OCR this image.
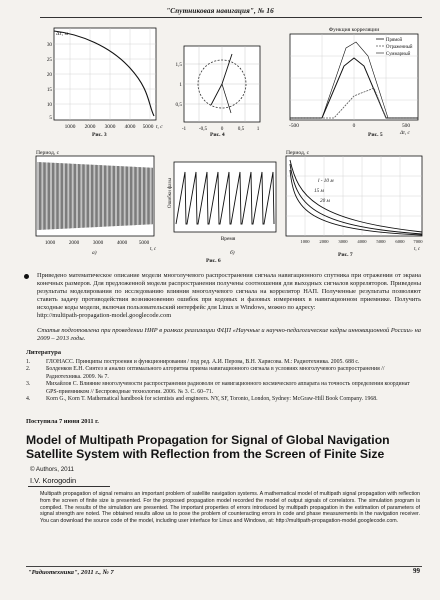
"Спутниковая навигация", № 16
Δτ, м
30
25
20
15
10
5
1000 2000 3000 4000 5000 t, с
Рис. 3
1,5
1
0,5
-1 -0,5	0	0,5 1
Рис. 4
Функция корреляции
Прямой
Отраженный
Суммарный
-500	0	500
Δτ, с
Рис. 5
Период, с
1000	2000	3000	4000 5000
t, с
а)
Ошибки фазы
Время
б)
Рис. 6
Период, с
l - 10 м
15 м
20 м
1000 2000 3000 4000 5000 6000 7000
t, с
Рис. 7

Приведено математическое описание модели многолучевого распространения сигнала навигационного спутника при отражении от экрана конечных размеров. Для предложенной модели распространения получены соотношения для выходных сигналов корреляторов. Приведены результаты моделирования по исследованию влияния многолучевого сигнала на коррелятор НАП. Полученные результаты позволяют ставить задачу противодействия возникновению ошибок при кодовых и фазовых измерениях в навигационном приемнике. Получить исходные коды модели, включая пользовательский интерфейс для Linux и Windows, можно по адресу:

http://multipath-propagation-model.googlecode.com
Статья подготовлена при проведении НИР в рамках реализации ФЦП «Научные и научно-педагогические кадры инновационной России» на 2009 – 2013 годы.
Литература
1.	ГЛОНАСС. Принципы построения и функционирования / под ред. А.И. Перова, В.Н. Харисова. М.: Радиотехника. 2005. 688 с.
2.	Болденков Е.Н. Синтез и анализ оптимального алгоритма приема навигационного сигнала в условиях многолучевого распространения // Радиотехника. 2009. № 7.
3.	Михайлов С. Влияние многолучевости распространения радиоволн от навигационного космического аппарата на точность определения координат GPS-приемником // Беспроводные технологии. 2006. № 3. С. 60–71.
4.	Korn G., Korn T. Mathematical handbook for scientists and engineers. NY, SF, Toronto, London, Sydney: McGraw-Hill Book Company. 1968.
Поступила 7 июня 2011 г.
Model of Multipath Propagation for Signal of Global Navigation Satellite System with Reflection from the Screen of Finite Size
© Authors, 2011
I.V. Korogodin
Multipath propagation of signal remains an important problem of satellite navigation systems. A mathematical model of multipath signal propagation with reflection from the screen of finite size is presented. For the proposed propagation model recorded the model of output signals of correlators. The simulation program is compiled. The results of the simulation are presented. The important properties of errors introduced by multipath propagation in the estimation of parameters of signal strength are noted. The obtained results allow us to pose the problem of counteracting errors in code and phase measurements in the navigation receiver. You can download the source code of the model, including user interface for Linux and Windows, at: http://multipath-propagation-model.googlecode.com.
"Радиотехника", 2011 г., № 7	99
